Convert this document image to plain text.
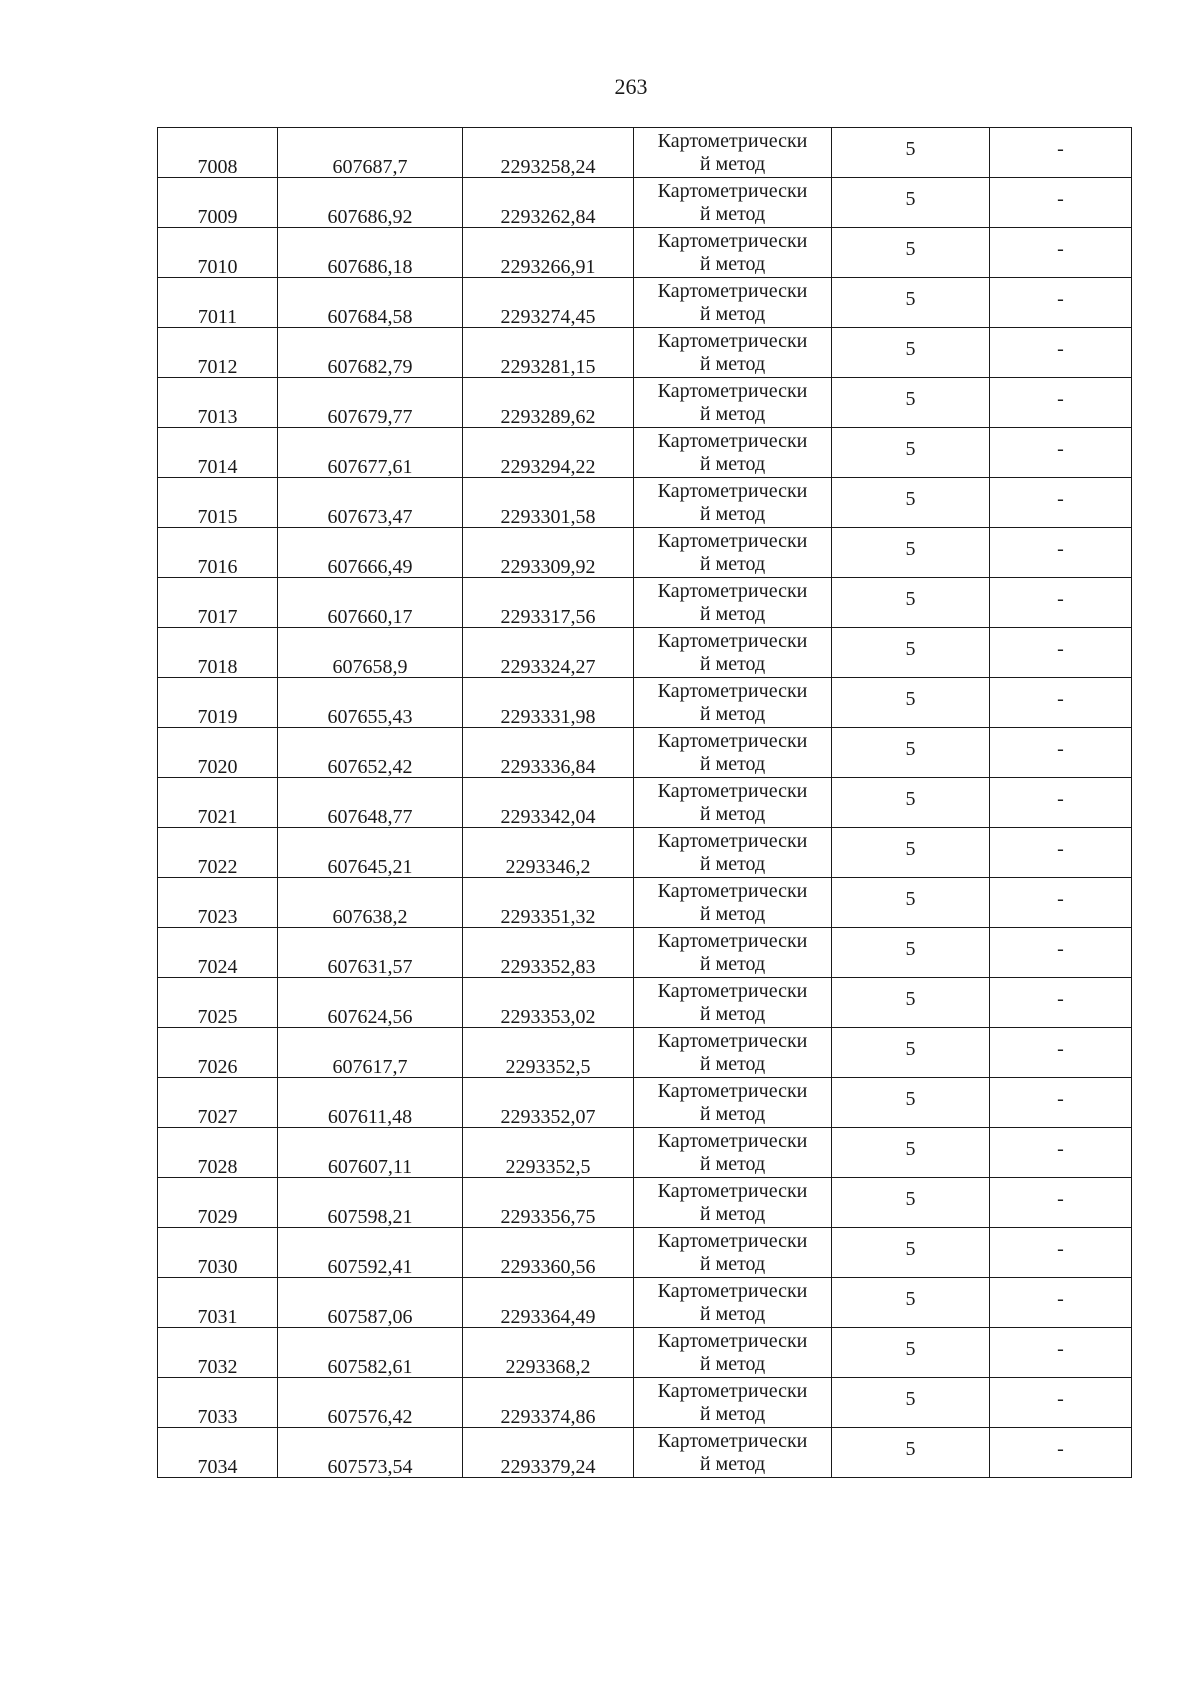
263
7008	607687,7	2293258,24	Картометрически
й метод	5	-

7009	607686,92	2293262,84	Картометрически
й метод	5	-

7010	607686,18	2293266,91	Картометрически
й метод	5	-

7011	607684,58	2293274,45	Картометрически
й метод	5	-

7012	607682,79	2293281,15	Картометрически
й метод	5	-

7013	607679,77	2293289,62	Картометрически
й метод	5	-

7014	607677,61	2293294,22	Картометрически
й метод	5	-

7015	607673,47	2293301,58	Картометрически
й метод	5	-

7016	607666,49	2293309,92	Картометрически
й метод	5	-

7017	607660,17	2293317,56	Картометрически
й метод	5	-

7018	607658,9	2293324,27	Картометрически
й метод	5	-

7019	607655,43	2293331,98	Картометрически
й метод	5	-

7020	607652,42	2293336,84	Картометрически
й метод	5	-

7021	607648,77	2293342,04	Картометрически
й метод	5	-

7022	607645,21	2293346,2	Картометрически
й метод	5	-

7023	607638,2	2293351,32	Картометрически
й метод	5	-

7024	607631,57	2293352,83	Картометрически
й метод	5	-

7025	607624,56	2293353,02	Картометрически
й метод	5	-

7026	607617,7	2293352,5	Картометрически
й метод	5	-

7027	607611,48	2293352,07	Картометрически
й метод	5	-

7028	607607,11	2293352,5	Картометрически
й метод	5	-

7029	607598,21	2293356,75	Картометрически
й метод	5	-

7030	607592,41	2293360,56	Картометрически
й метод	5	-

7031	607587,06	2293364,49	Картометрически
й метод	5	-

7032	607582,61	2293368,2	Картометрически
й метод	5	-

7033	607576,42	2293374,86	Картометрически
й метод	5	-

7034	607573,54	2293379,24	Картометрически
й метод	5	-
